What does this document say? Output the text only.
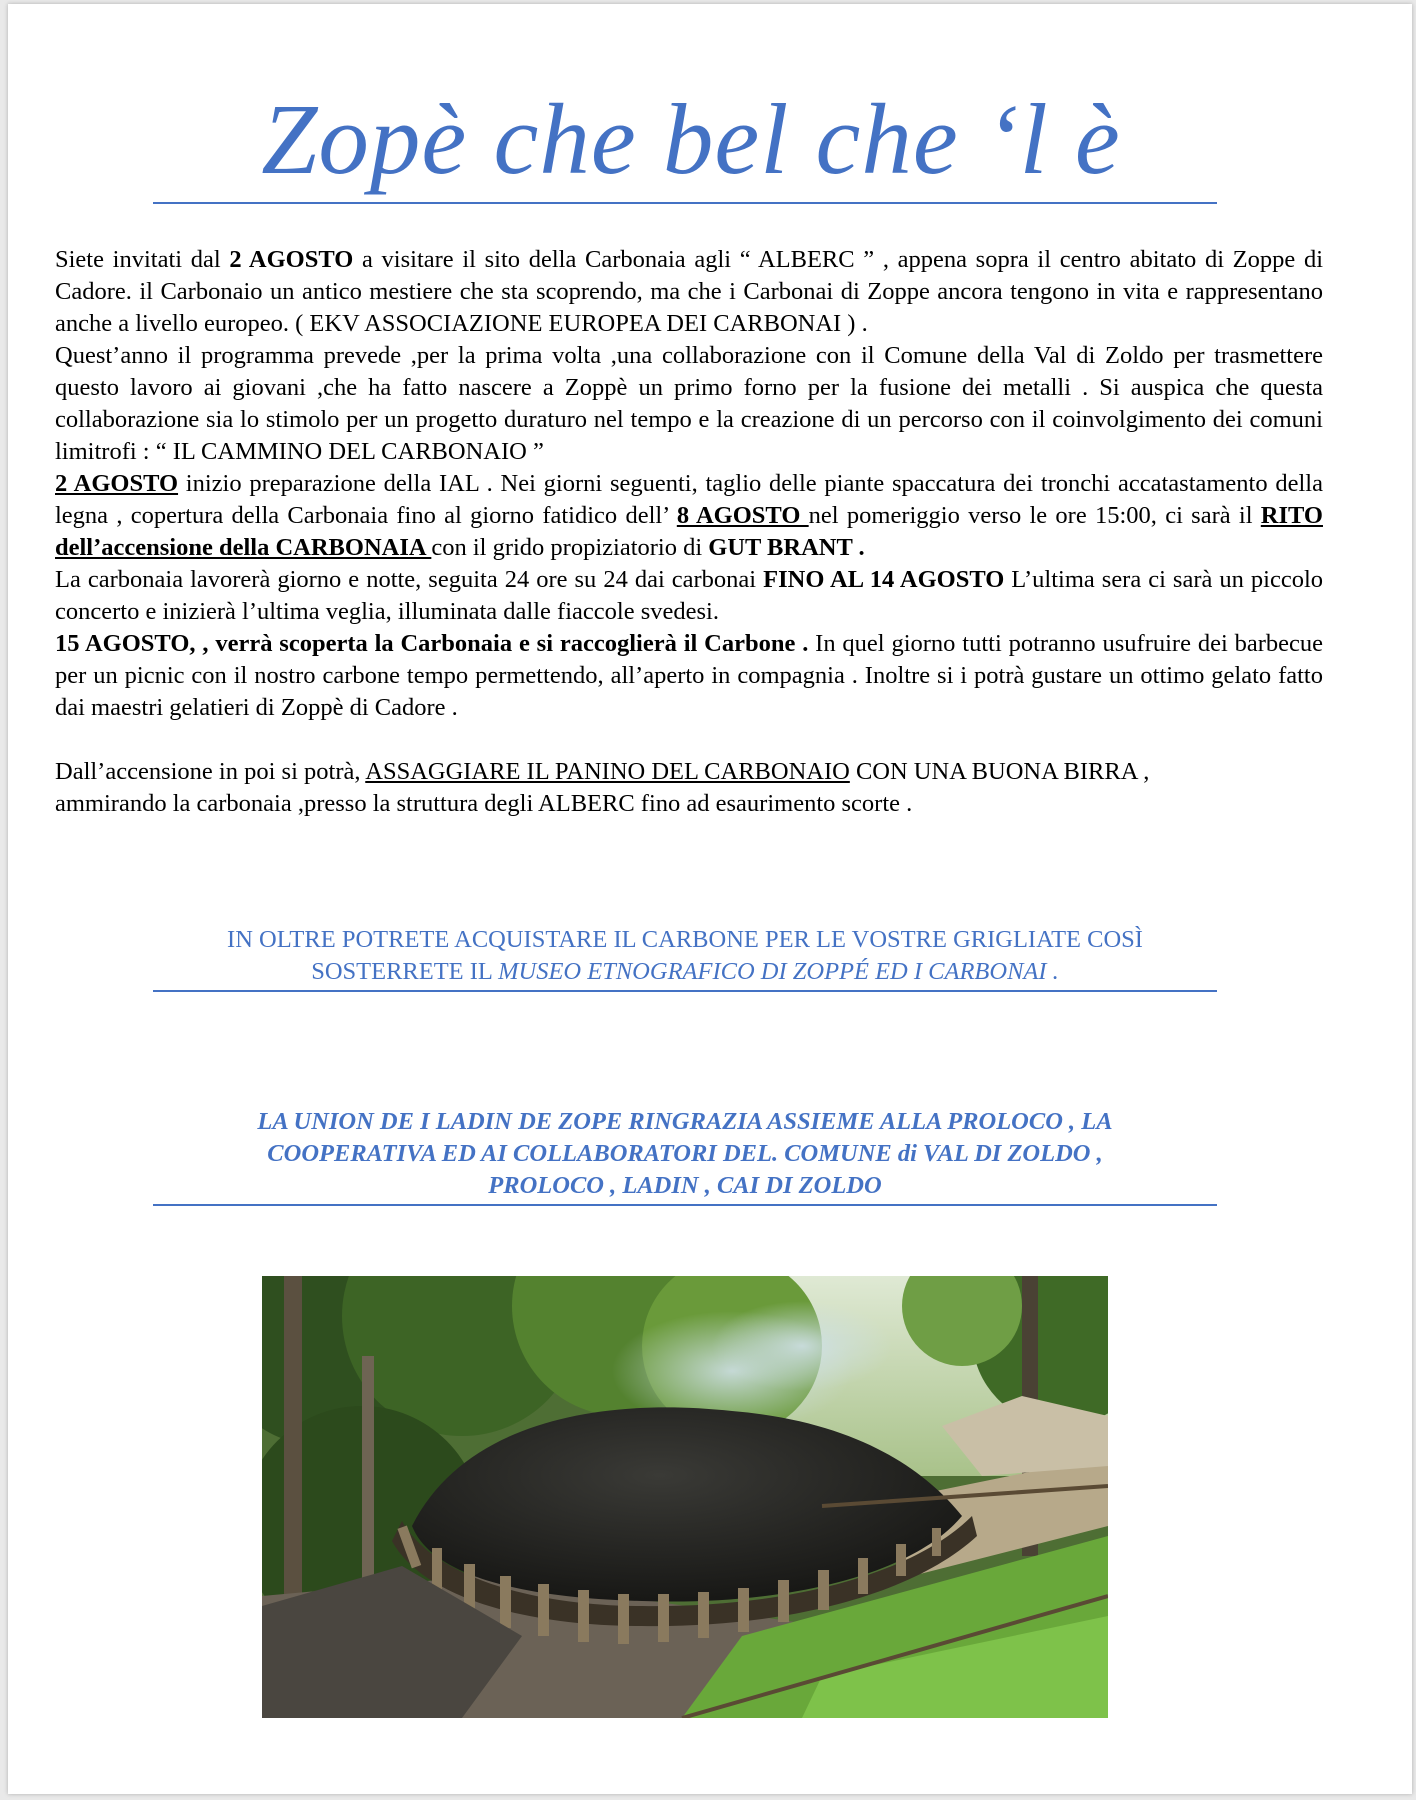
Zopè che bel che ‘l è

Siete invitati dal 2 AGOSTO a visitare il sito della Carbonaia agli “ ALBERC ” , appena sopra il centro abitato di Zoppe di Cadore. il Carbonaio un antico mestiere che sta scoprendo, ma che i Carbonai di Zoppe ancora tengono in vita e rappresentano anche a livello europeo. ( EKV ASSOCIAZIONE EUROPEA DEI CARBONAI ) .

Quest’anno il programma prevede ,per la prima volta ,una collaborazione con il Comune della Val di Zoldo per trasmettere questo lavoro ai giovani ,che ha fatto nascere a Zoppè un primo forno per la fusione dei metalli . Si auspica che questa collaborazione sia lo stimolo per un progetto duraturo nel tempo e la creazione di un percorso con il coinvolgimento dei comuni limitrofi : “ IL CAMMINO DEL CARBONAIO ”

2 AGOSTO inizio preparazione della IAL . Nei giorni seguenti, taglio delle piante spaccatura dei tronchi accatastamento della legna , copertura della Carbonaia fino al giorno fatidico dell’ 8 AGOSTO nel pomeriggio verso le ore 15:00, ci sarà il RITO dell’accensione della CARBONAIA con il grido propiziatorio di GUT BRANT .

La carbonaia lavorerà giorno e notte, seguita 24 ore su 24 dai carbonai FINO AL 14 AGOSTO L’ultima sera ci sarà un piccolo concerto e inizierà l’ultima veglia, illuminata dalle fiaccole svedesi.

15 AGOSTO, , verrà scoperta la Carbonaia e si raccoglierà il Carbone . In quel giorno tutti potranno usufruire dei barbecue per un picnic con il nostro carbone tempo permettendo, all’aperto in compagnia . Inoltre si i potrà gustare un ottimo gelato fatto dai maestri gelatieri di Zoppè di Cadore .

Dall’accensione in poi si potrà, ASSAGGIARE IL PANINO DEL CARBONAIO CON UNA BUONA BIRRA ,
ammirando la carbonaia ,presso la struttura degli ALBERC fino ad esaurimento scorte .

IN OLTRE POTRETE ACQUISTARE IL CARBONE PER LE VOSTRE GRIGLIATE COSÌ

SOSTERRETE IL MUSEO ETNOGRAFICO DI ZOPPÉ ED I CARBONAI .

LA UNION DE I LADIN DE ZOPE RINGRAZIA ASSIEME ALLA PROLOCO , LA

COOPERATIVA ED AI COLLABORATORI DEL. COMUNE di VAL DI ZOLDO ,

PROLOCO , LADIN , CAI DI ZOLDO
